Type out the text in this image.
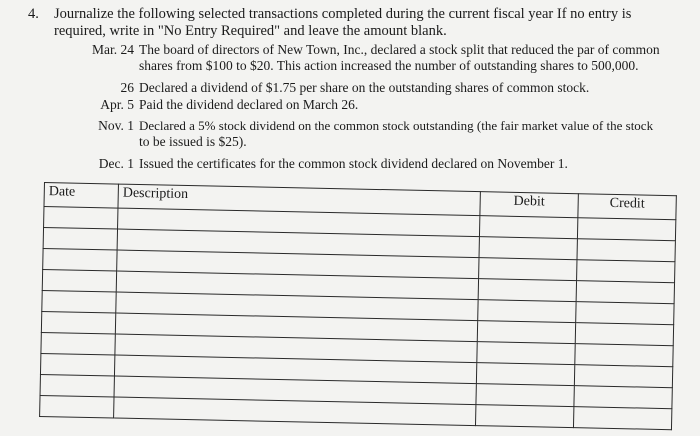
4. Journalize the following selected transactions completed during the current fiscal year If no entry is
required, write in "No Entry Required" and leave the amount blank.
Mar. 24 The board of directors of New Town, Inc., declared a stock split that reduced the par of common
shares from $100 to $20. This action increased the number of outstanding shares to 500,000.
26 Declared a dividend of $1.75 per share on the outstanding shares of common stock.
Apr. 5 Paid the dividend declared on March 26.
Nov. 1 Declared a 5% stock dividend on the common stock outstanding (the fair market value of the stock
to be issued is $25).
Dec. 1 Issued the certificates for the common stock dividend declared on November 1.
Date	Description	Debit	Credit
